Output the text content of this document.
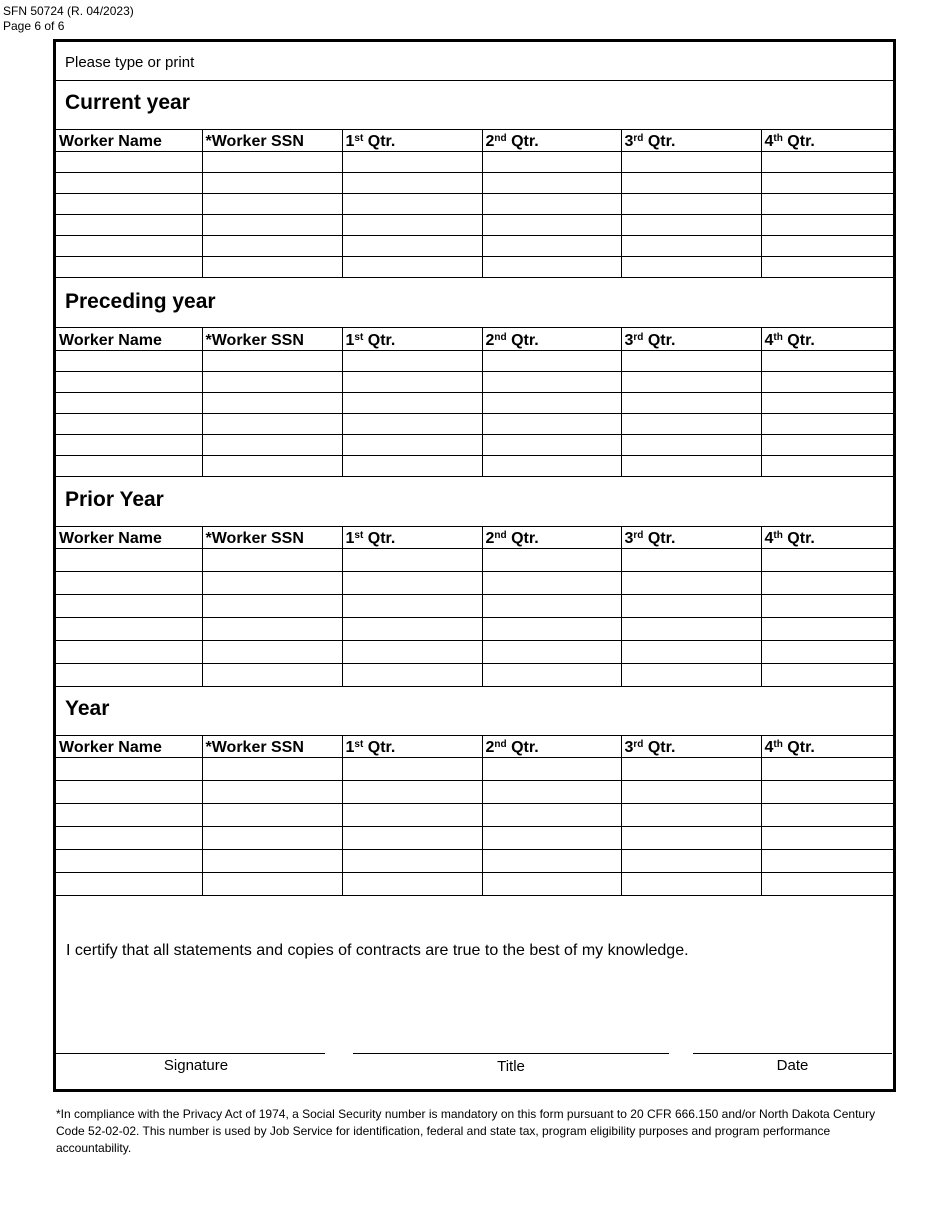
SFN 50724 (R. 04/2023)
Page 6 of 6
Please type or print
Current year
Worker Name	*Worker SSN	1st Qtr.	2nd Qtr.	3rd Qtr.	4th Qtr.

Preceding year
Worker Name	*Worker SSN	1st Qtr.	2nd Qtr.	3rd Qtr.	4th Qtr.

Prior Year
Worker Name	*Worker SSN	1st Qtr.	2nd Qtr.	3rd Qtr.	4th Qtr.

Year
Worker Name	*Worker SSN	1st Qtr.	2nd Qtr.	3rd Qtr.	4th Qtr.

I certify that all statements and copies of contracts are true to the best of my knowledge.
Signature	Title	Date
*In compliance with the Privacy Act of 1974, a Social Security number is mandatory on this form pursuant to 20 CFR 666.150 and/or North Dakota Century Code 52-02-02. This number is used by Job Service for identification, federal and state tax, program eligibility purposes and program performance accountability.
